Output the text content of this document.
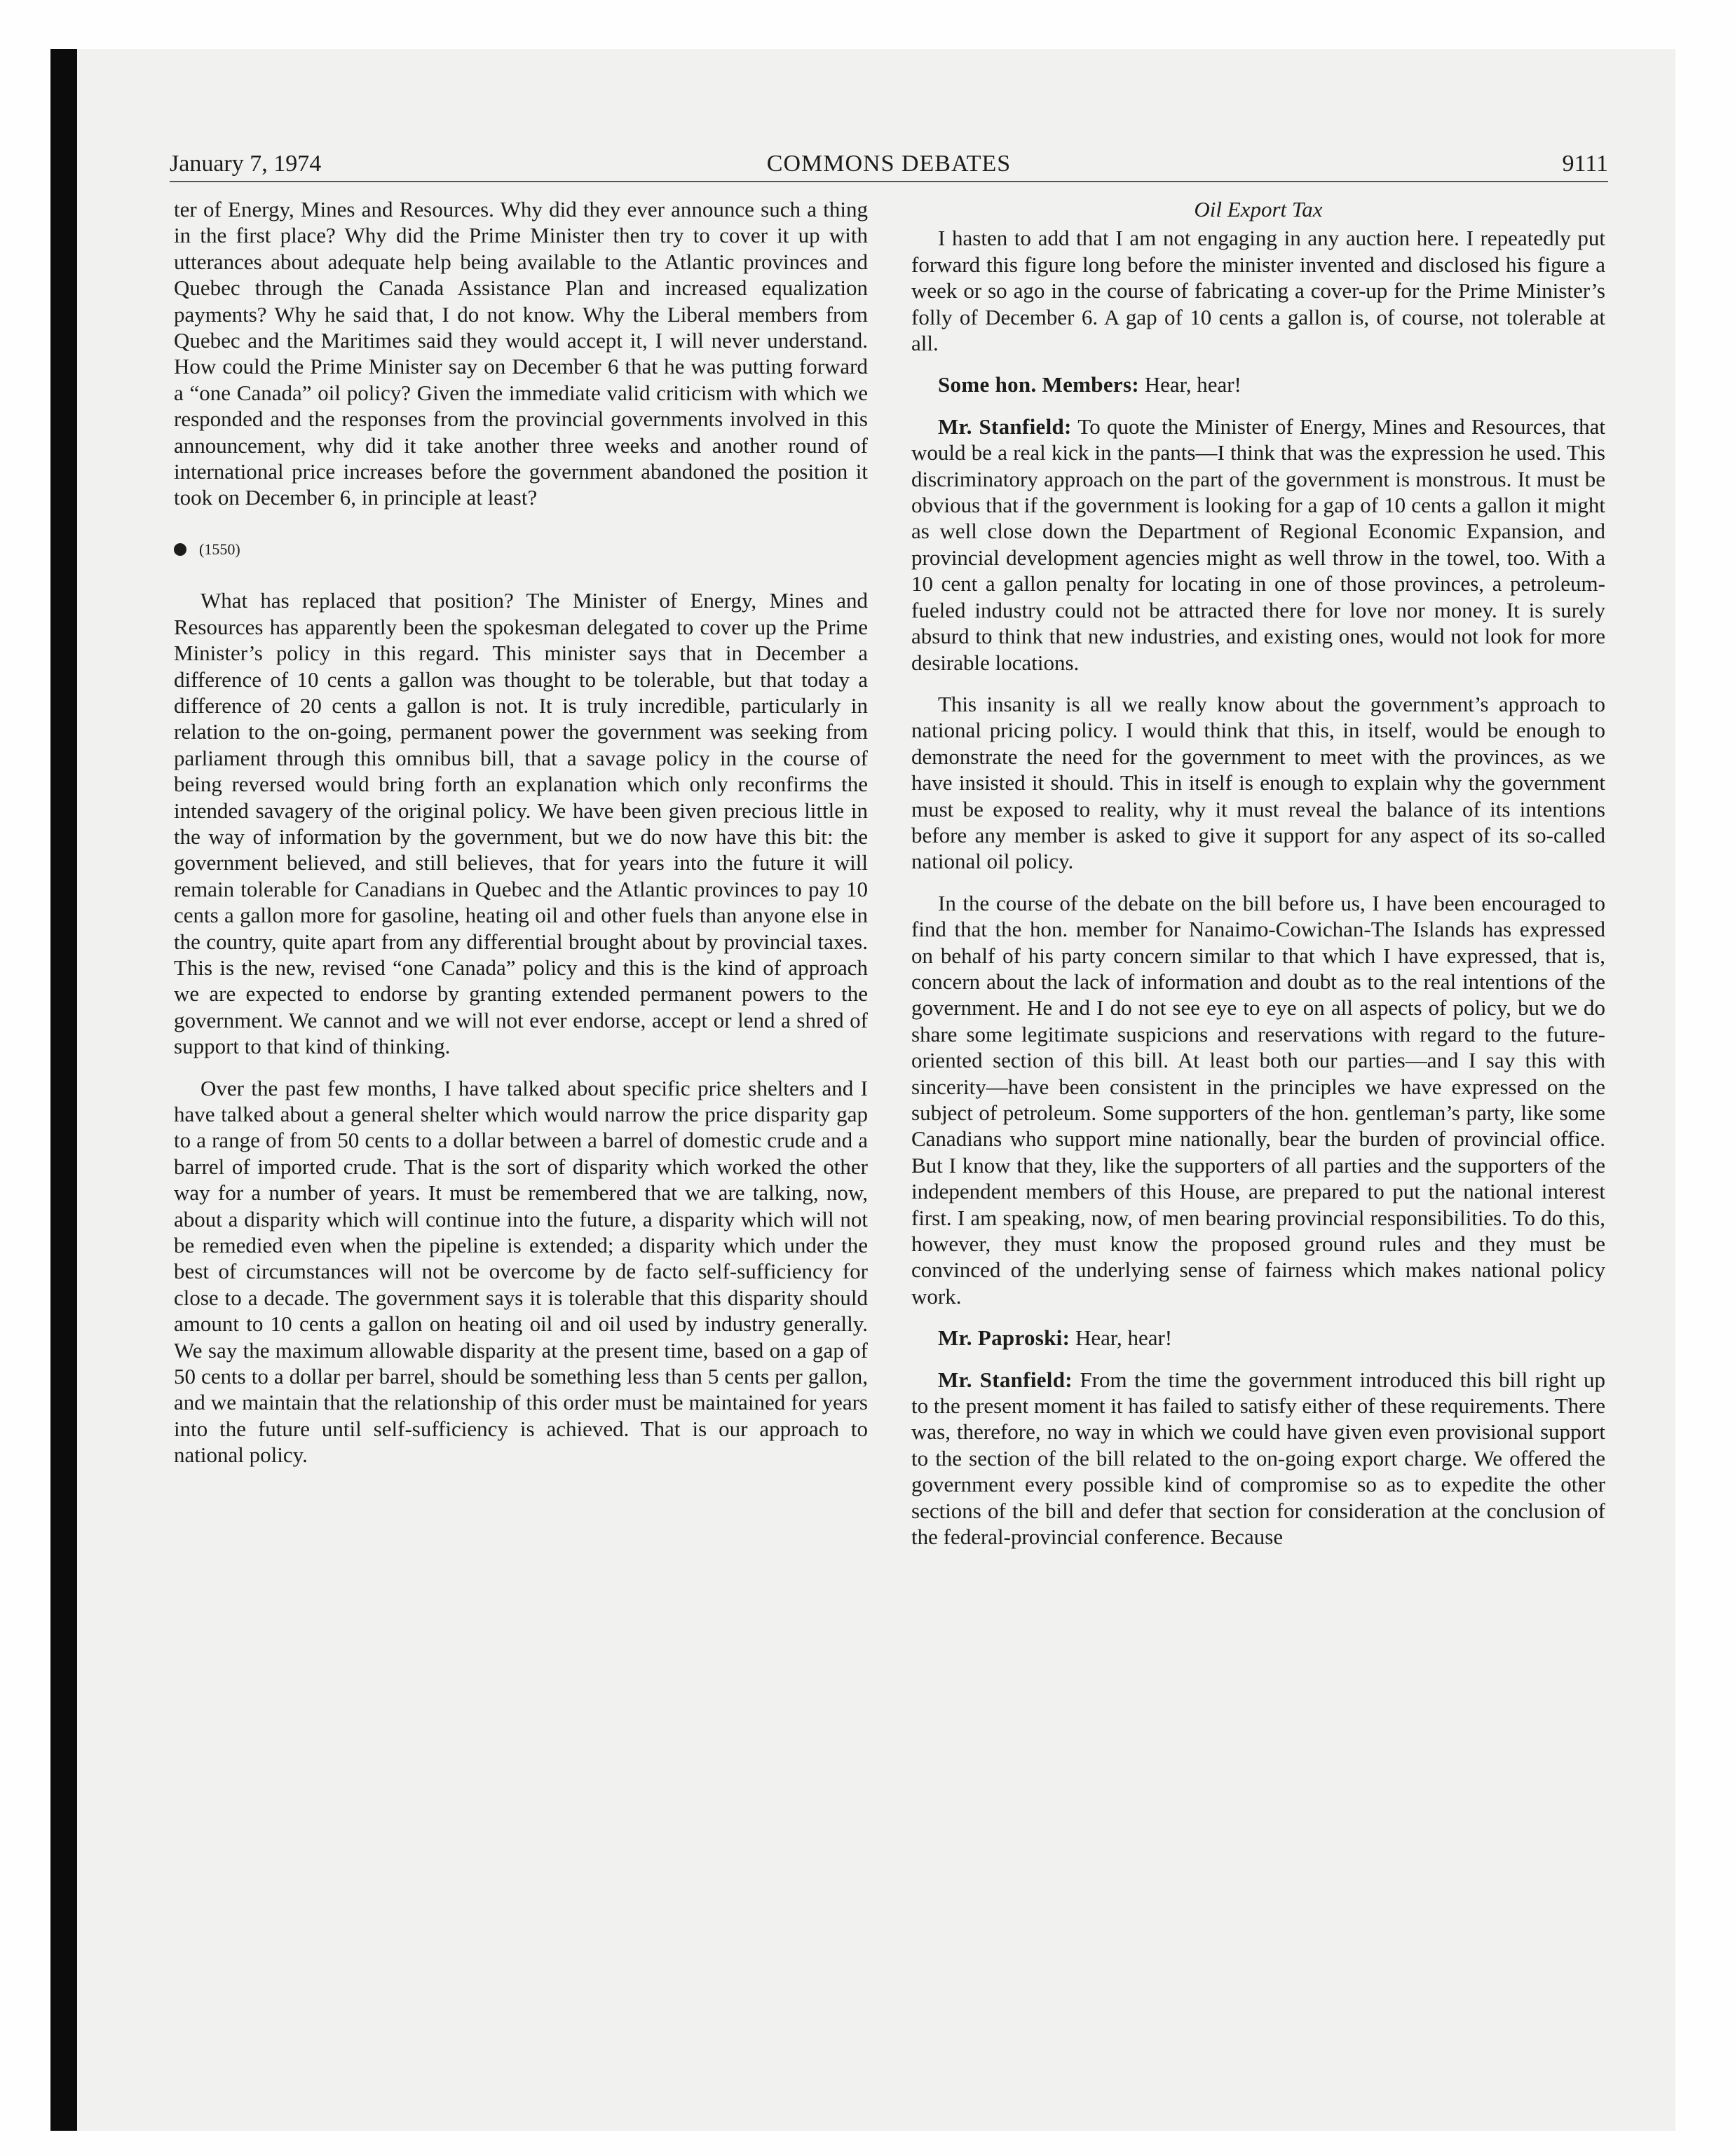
January 7, 1974	COMMONS DEBATES	9111

ter of Energy, Mines and Resources. Why did they ever announce such a thing in the first place? Why did the Prime Minister then try to cover it up with utterances about adequate help being available to the Atlantic provinces and Quebec through the Canada Assistance Plan and increased equalization payments? Why he said that, I do not know. Why the Liberal members from Quebec and the Maritimes said they would accept it, I will never understand. How could the Prime Minister say on December 6 that he was putting forward a “one Canada” oil policy? Given the immediate valid criticism with which we responded and the responses from the provincial governments involved in this announcement, why did it take another three weeks and another round of international price increases before the government abandoned the position it took on December 6, in principle at least?

(1550)

What has replaced that position? The Minister of Energy, Mines and Resources has apparently been the spokesman delegated to cover up the Prime Minister’s policy in this regard. This minister says that in December a difference of 10 cents a gallon was thought to be tolerable, but that today a difference of 20 cents a gallon is not. It is truly incredible, particularly in relation to the on-going, permanent power the government was seeking from parliament through this omnibus bill, that a savage policy in the course of being reversed would bring forth an explanation which only reconfirms the intended savagery of the original policy. We have been given precious little in the way of information by the government, but we do now have this bit: the government believed, and still believes, that for years into the future it will remain tolerable for Canadians in Quebec and the Atlantic provinces to pay 10 cents a gallon more for gasoline, heating oil and other fuels than anyone else in the country, quite apart from any differential brought about by provincial taxes. This is the new, revised “one Canada” policy and this is the kind of approach we are expected to endorse by granting extended permanent powers to the government. We cannot and we will not ever endorse, accept or lend a shred of support to that kind of thinking.

Over the past few months, I have talked about specific price shelters and I have talked about a general shelter which would narrow the price disparity gap to a range of from 50 cents to a dollar between a barrel of domestic crude and a barrel of imported crude. That is the sort of disparity which worked the other way for a number of years. It must be remembered that we are talking, now, about a disparity which will continue into the future, a disparity which will not be remedied even when the pipeline is extended; a disparity which under the best of circumstances will not be overcome by de facto self-sufficiency for close to a decade. The government says it is tolerable that this disparity should amount to 10 cents a gallon on heating oil and oil used by industry generally. We say the maximum allowable disparity at the present time, based on a gap of 50 cents to a dollar per barrel, should be something less than 5 cents per gallon, and we maintain that the relationship of this order must be maintained for years into the future until self-sufficiency is achieved. That is our approach to national policy.

Oil Export Tax

I hasten to add that I am not engaging in any auction here. I repeatedly put forward this figure long before the minister invented and disclosed his figure a week or so ago in the course of fabricating a cover-up for the Prime Minister’s folly of December 6. A gap of 10 cents a gallon is, of course, not tolerable at all.

Some hon. Members: Hear, hear!

Mr. Stanfield: To quote the Minister of Energy, Mines and Resources, that would be a real kick in the pants—I think that was the expression he used. This discriminatory approach on the part of the government is monstrous. It must be obvious that if the government is looking for a gap of 10 cents a gallon it might as well close down the Department of Regional Economic Expansion, and provincial development agencies might as well throw in the towel, too. With a 10 cent a gallon penalty for locating in one of those provinces, a petroleum-fueled industry could not be attracted there for love nor money. It is surely absurd to think that new industries, and existing ones, would not look for more desirable locations.

This insanity is all we really know about the government’s approach to national pricing policy. I would think that this, in itself, would be enough to demonstrate the need for the government to meet with the provinces, as we have insisted it should. This in itself is enough to explain why the government must be exposed to reality, why it must reveal the balance of its intentions before any member is asked to give it support for any aspect of its so-called national oil policy.

In the course of the debate on the bill before us, I have been encouraged to find that the hon. member for Nanaimo-Cowichan-The Islands has expressed on behalf of his party concern similar to that which I have expressed, that is, concern about the lack of information and doubt as to the real intentions of the government. He and I do not see eye to eye on all aspects of policy, but we do share some legitimate suspicions and reservations with regard to the future-oriented section of this bill. At least both our parties—and I say this with sincerity—have been consistent in the principles we have expressed on the subject of petroleum. Some supporters of the hon. gentleman’s party, like some Canadians who support mine nationally, bear the burden of provincial office. But I know that they, like the supporters of all parties and the supporters of the independent members of this House, are prepared to put the national interest first. I am speaking, now, of men bearing provincial responsibilities. To do this, however, they must know the proposed ground rules and they must be convinced of the underlying sense of fairness which makes national policy work.

Mr. Paproski: Hear, hear!

Mr. Stanfield: From the time the government introduced this bill right up to the present moment it has failed to satisfy either of these requirements. There was, therefore, no way in which we could have given even provisional support to the section of the bill related to the on-going export charge. We offered the government every possible kind of compromise so as to expedite the other sections of the bill and defer that section for consideration at the conclusion of the federal-provincial conference. Because
